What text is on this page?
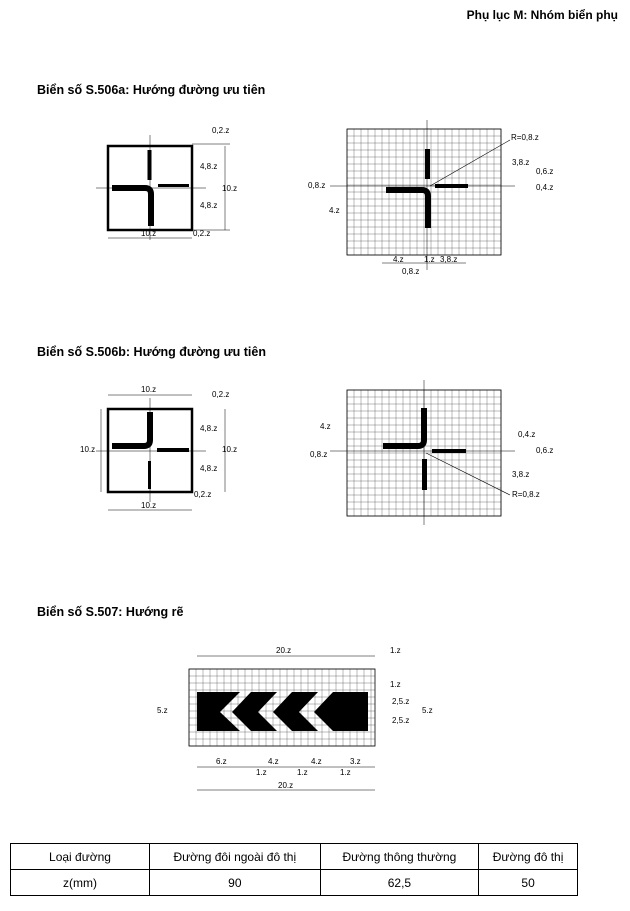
Phụ lục M: Nhóm biển phụ
Biển số S.506a: Hướng đường ưu tiên
0,2.z
4,8.z
10.z
4,8.z
10.z	0,2.z
R=0,8.z
3,8.z
0,6.z
0,4.z
0,8.z
4.z
4.z	1.z 3,8.z
0,8.z
10.z
0,2.z
4,8.z
10.z	10.z
4,8.z
10.z
0,2.z
4.z
0,8.z
0,4.z
0,6.z
3,8.z
R=0,8.z
20.z	1.z
1.z
5.z
2,5.z
2,5.z
5.z
6.z	4.z	4.z	3.z
1.z	1.z	1.z
20.z
Biển số S.506b: Hướng đường ưu tiên
Biển số S.507: Hướng rẽ
Loại đường	Đường đôi ngoài đô thị	Đường thông thường	Đường đô thị
z(mm)	90	62,5	50
